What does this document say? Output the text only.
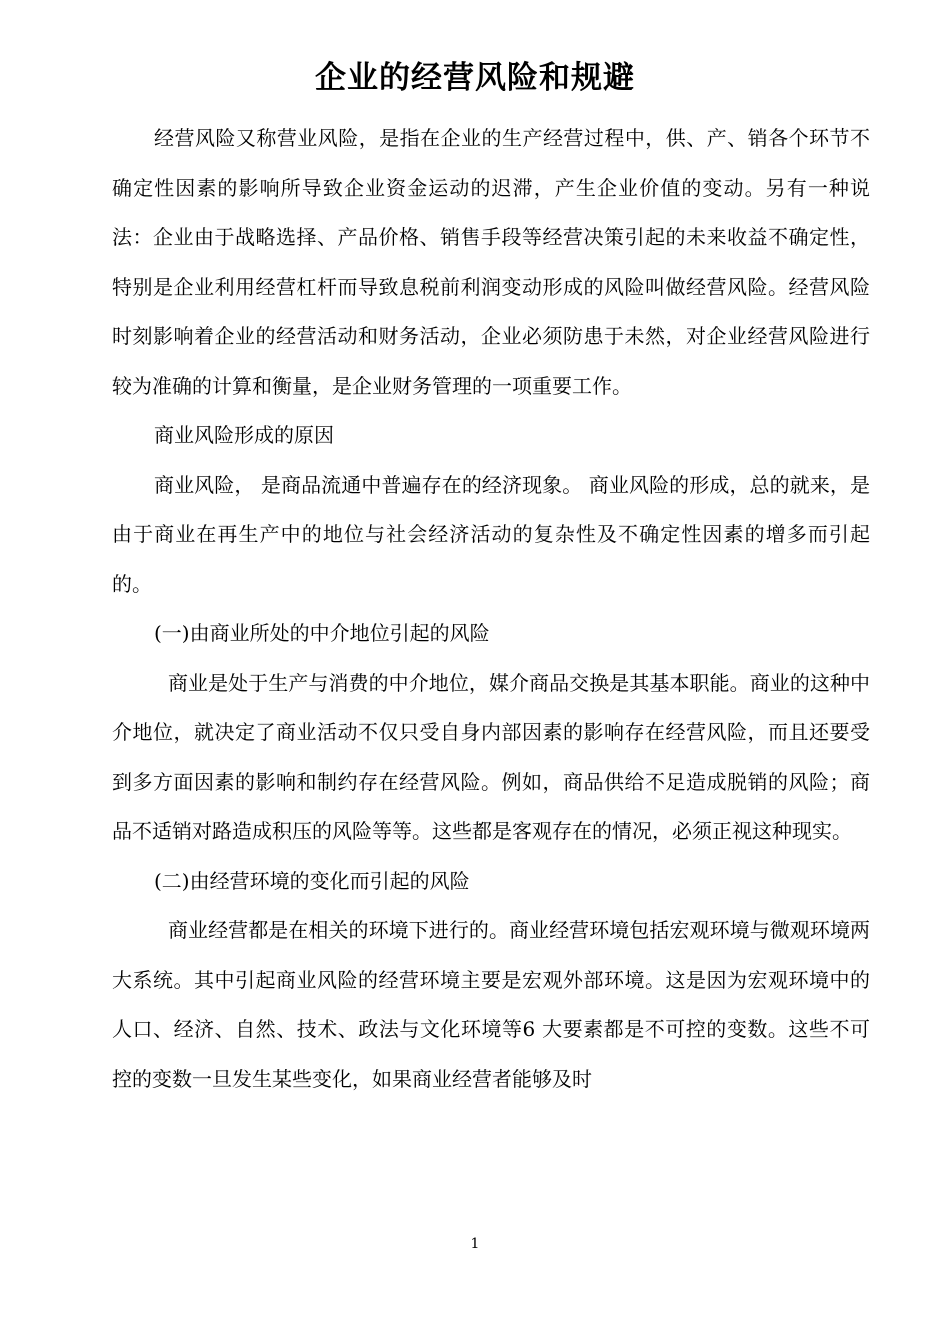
企业的经营风险和规避

经营风险又称营业风险，是指在企业的生产经营过程中，供、产、销各个环节不确定性因素的影响所导致企业资金运动的迟滞，产生企业价值的变动。另有一种说法：企业由于战略选择、产品价格、销售手段等经营决策引起的未来收益不确定性，特别是企业利用经营杠杆而导致息税前利润变动形成的风险叫做经营风险。经营风险时刻影响着企业的经营活动和财务活动，企业必须防患于未然，对企业经营风险进行较为准确的计算和衡量，是企业财务管理的一项重要工作。

商业风险形成的原因

商业风险， 是商品流通中普遍存在的经济现象。 商业风险的形成，总的就来，是由于商业在再生产中的地位与社会经济活动的复杂性及不确定性因素的增多而引起的。

(一)由商业所处的中介地位引起的风险

商业是处于生产与消费的中介地位，媒介商品交换是其基本职能。商业的这种中介地位，就决定了商业活动不仅只受自身内部因素的影响存在经营风险，而且还要受到多方面因素的影响和制约存在经营风险。例如，商品供给不足造成脱销的风险；商品不适销对路造成积压的风险等等。这些都是客观存在的情况，必须正视这种现实。

(二)由经营环境的变化而引起的风险

商业经营都是在相关的环境下进行的。商业经营环境包括宏观环境与微观环境两大系统。其中引起商业风险的经营环境主要是宏观外部环境。这是因为宏观环境中的人口、经济、自然、技术、政法与文化环境等6 大要素都是不可控的变数。这些不可控的变数一旦发生某些变化，如果商业经营者能够及时

1
